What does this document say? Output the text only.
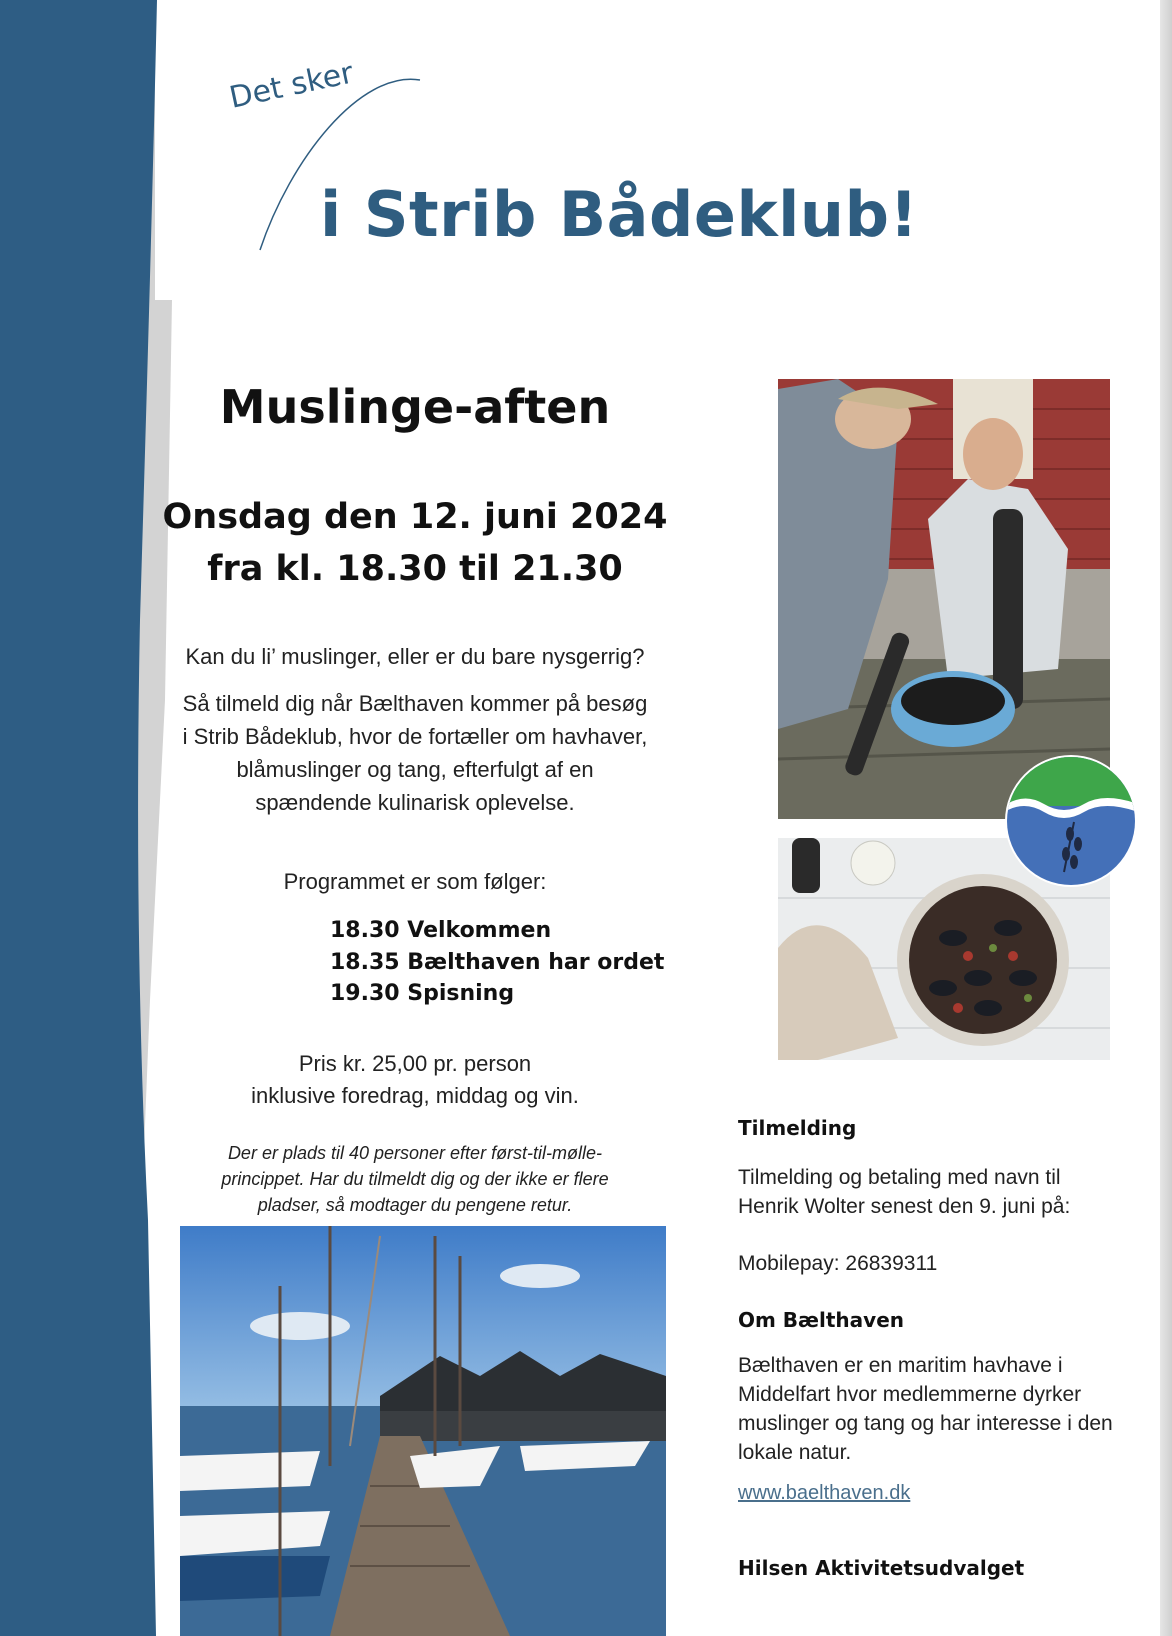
Det sker
i Strib Bådeklub!
Muslinge-aften
Onsdag den 12. juni 2024
fra kl. 18.30 til 21.30
Kan du li’ muslinger, eller er du bare nysgerrig?
Så tilmeld dig når Bælthaven kommer på besøg
i Strib Bådeklub, hvor de fortæller om havhaver,
blåmuslinger og tang, efterfulgt af en
spændende kulinarisk oplevelse.
Programmet er som følger:
18.30 Velkommen
18.35 Bælthaven har ordet
19.30 Spisning
Pris kr. 25,00 pr. person
inklusive foredrag, middag og vin.
Der er plads til 40 personer efter først-til-mølle-
princippet. Har du tilmeldt dig og der ikke er flere
pladser, så modtager du pengene retur.
Tilmelding
Tilmelding og betaling med navn til
Henrik Wolter senest den 9. juni på:
Mobilepay: 26839311
Om Bælthaven
Bælthaven er en maritim havhave i
Middelfart hvor medlemmerne dyrker
muslinger og tang og har interesse i den
lokale natur.
www.baelthaven.dk
Hilsen Aktivitetsudvalget
